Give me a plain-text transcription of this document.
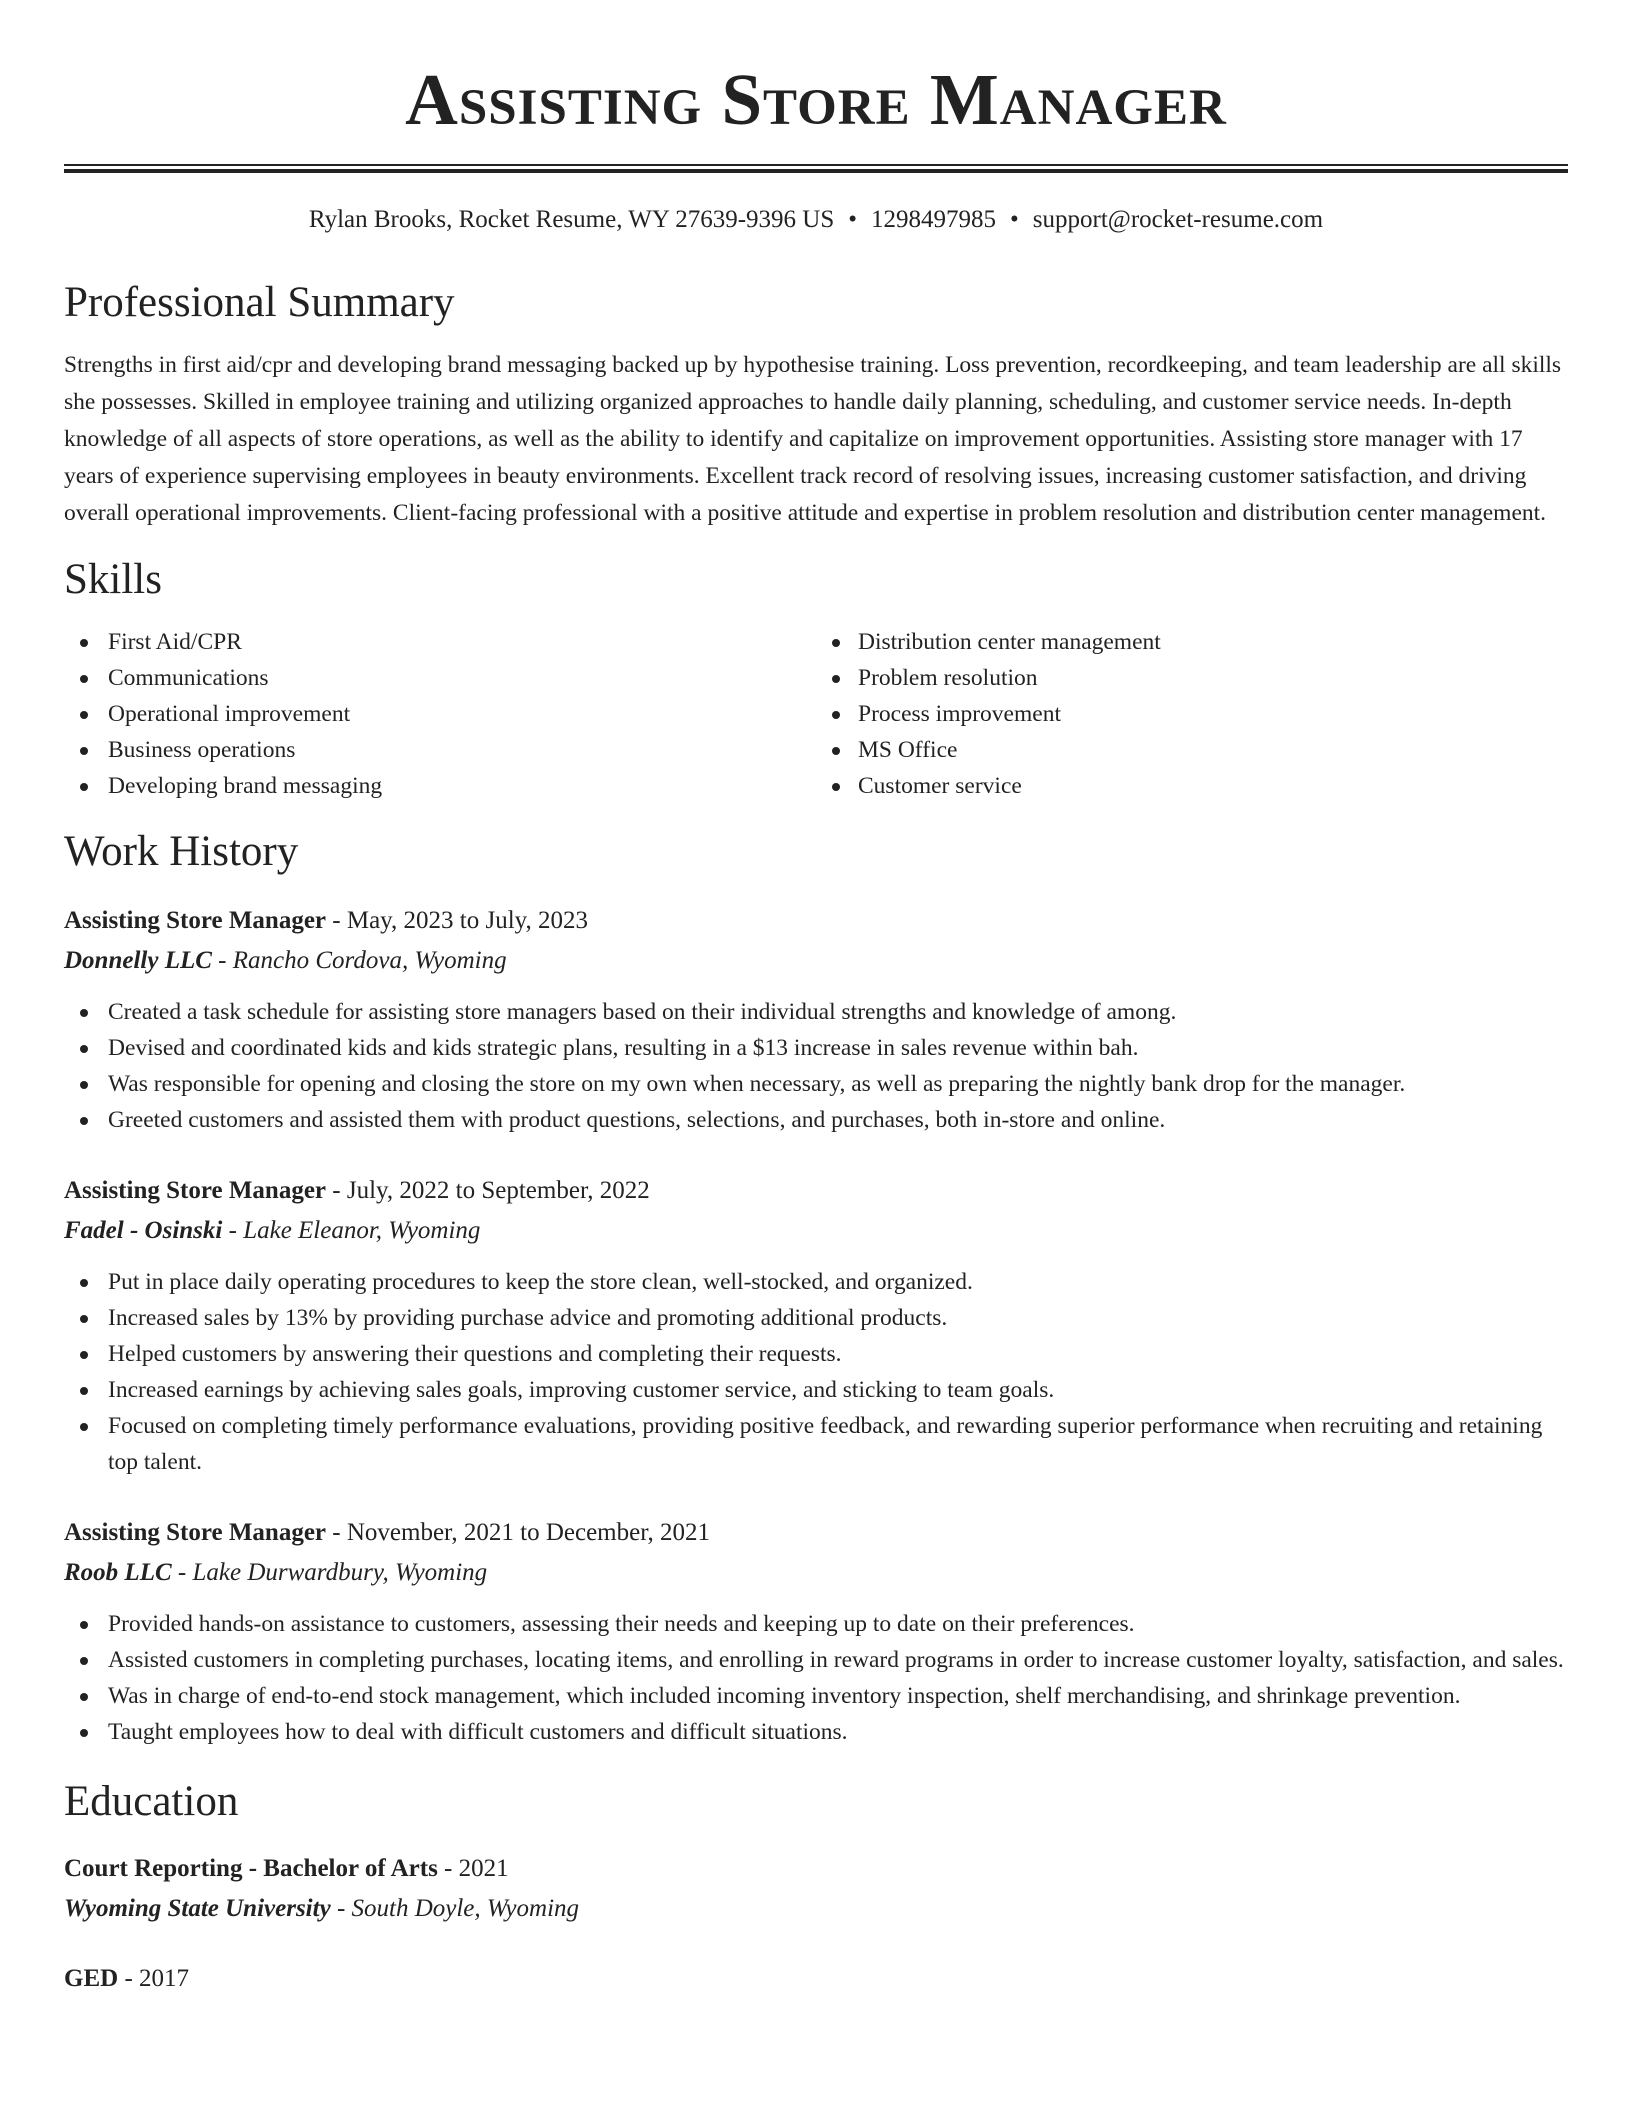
Assisting Store Manager
Rylan Brooks, Rocket Resume, WY 27639-9396 US • 1298497985 • support@rocket-resume.com
Professional Summary

Strengths in first aid/cpr and developing brand messaging backed up by hypothesise training. Loss prevention, recordkeeping, and team leadership are all skills she possesses. Skilled in employee training and utilizing organized approaches to handle daily planning, scheduling, and customer service needs. In-depth knowledge of all aspects of store operations, as well as the ability to identify and capitalize on improvement opportunities. Assisting store manager with 17 years of experience supervising employees in beauty environments. Excellent track record of resolving issues, increasing customer satisfaction, and driving overall operational improvements. Client-facing professional with a positive attitude and expertise in problem resolution and distribution center management.

Skills
First Aid/CPR
Communications
Operational improvement
Business operations
Developing brand messaging
Distribution center management
Problem resolution
Process improvement
MS Office
Customer service
Work History
Assisting Store Manager - May, 2023 to July, 2023
Donnelly LLC - Rancho Cordova, Wyoming
Created a task schedule for assisting store managers based on their individual strengths and knowledge of among.
Devised and coordinated kids and kids strategic plans, resulting in a $13 increase in sales revenue within bah.
Was responsible for opening and closing the store on my own when necessary, as well as preparing the nightly bank drop for the manager.
Greeted customers and assisted them with product questions, selections, and purchases, both in-store and online.
Assisting Store Manager - July, 2022 to September, 2022
Fadel - Osinski - Lake Eleanor, Wyoming
Put in place daily operating procedures to keep the store clean, well-stocked, and organized.
Increased sales by 13% by providing purchase advice and promoting additional products.
Helped customers by answering their questions and completing their requests.
Increased earnings by achieving sales goals, improving customer service, and sticking to team goals.
Focused on completing timely performance evaluations, providing positive feedback, and rewarding superior performance when recruiting and retaining top talent.
Assisting Store Manager - November, 2021 to December, 2021
Roob LLC - Lake Durwardbury, Wyoming
Provided hands-on assistance to customers, assessing their needs and keeping up to date on their preferences.
Assisted customers in completing purchases, locating items, and enrolling in reward programs in order to increase customer loyalty, satisfaction, and sales.
Was in charge of end-to-end stock management, which included incoming inventory inspection, shelf merchandising, and shrinkage prevention.
Taught employees how to deal with difficult customers and difficult situations.
Education
Court Reporting - Bachelor of Arts - 2021
Wyoming State University - South Doyle, Wyoming
GED - 2017
